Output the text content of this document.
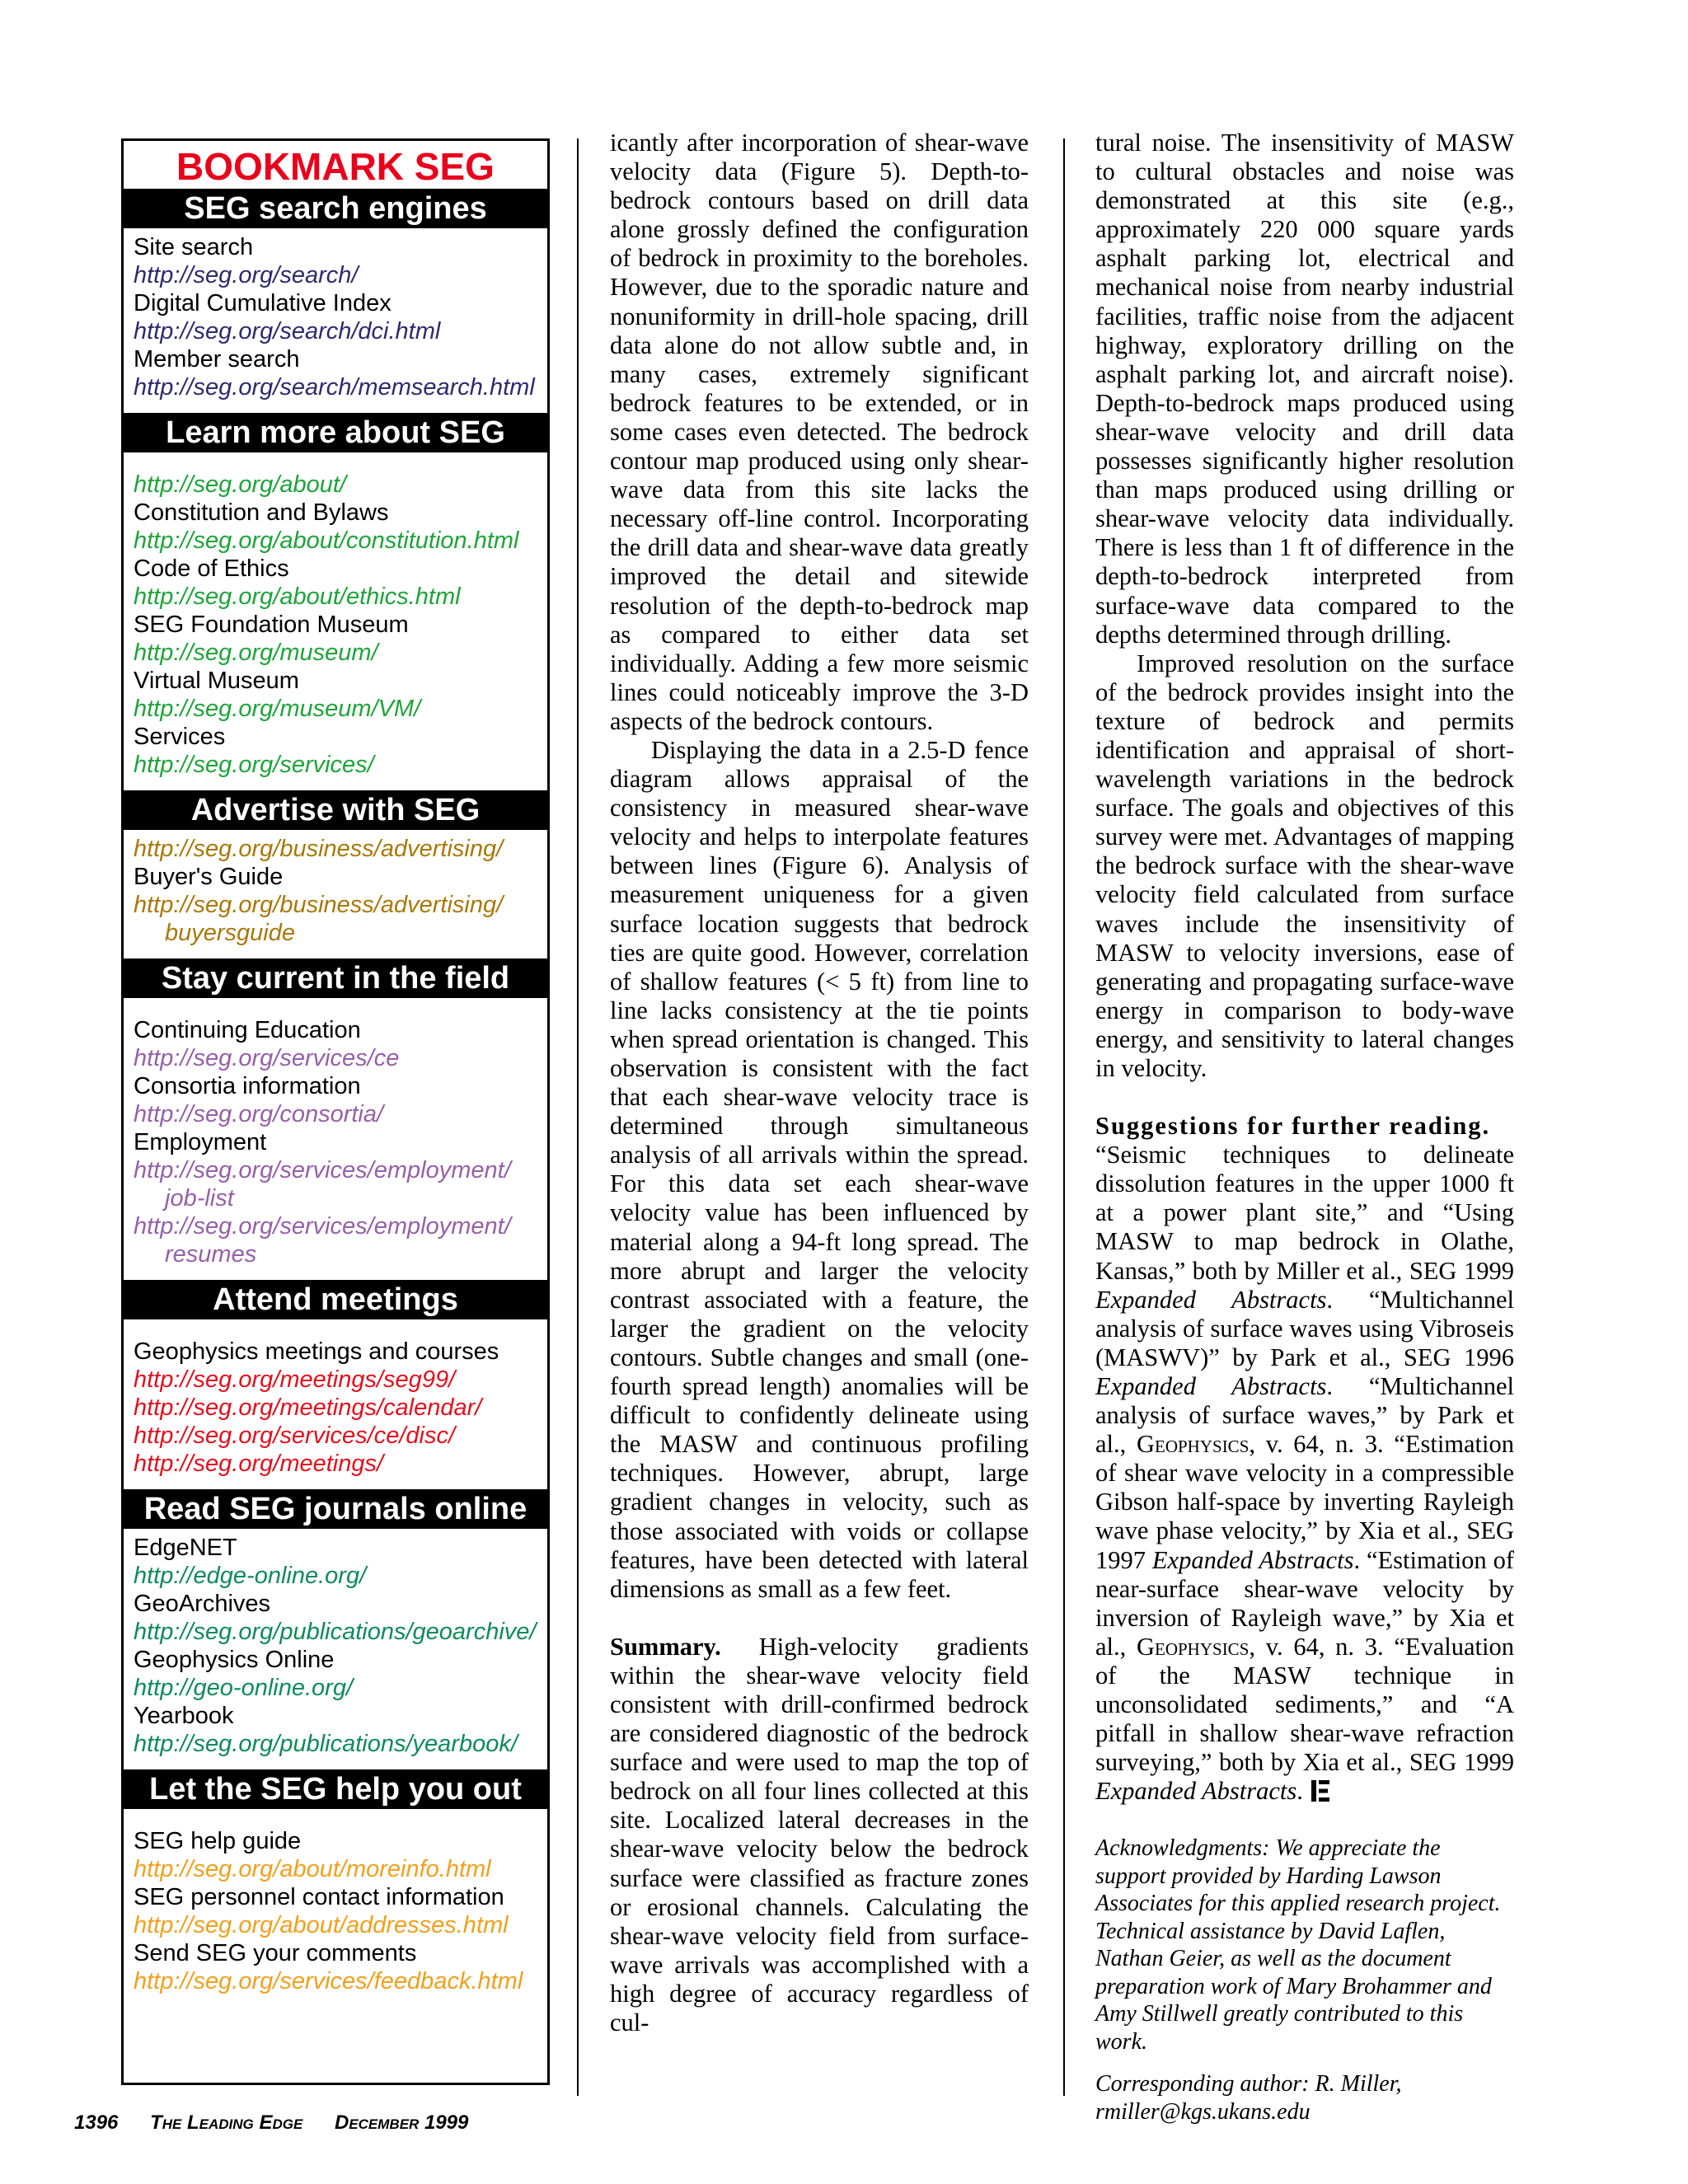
BOOKMARK SEG
SEG search engines
Site search
http://seg.org/search/
Digital Cumulative Index
http://seg.org/search/dci.html
Member search
http://seg.org/search/memsearch.html
Learn more about SEG
http://seg.org/about/
Constitution and Bylaws
http://seg.org/about/constitution.html
Code of Ethics
http://seg.org/about/ethics.html
SEG Foundation Museum
http://seg.org/museum/
Virtual Museum
http://seg.org/museum/VM/
Services
http://seg.org/services/
Advertise with SEG
http://seg.org/business/advertising/
Buyer's Guide
http://seg.org/business/advertising/
buyersguide
Stay current in the field
Continuing Education
http://seg.org/services/ce
Consortia information
http://seg.org/consortia/
Employment
http://seg.org/services/employment/
job-list
http://seg.org/services/employment/
resumes
Attend meetings
Geophysics meetings and courses
http://seg.org/meetings/seg99/
http://seg.org/meetings/calendar/
http://seg.org/services/ce/disc/
http://seg.org/meetings/
Read SEG journals online
EdgeNET
http://edge-online.org/
GeoArchives
http://seg.org/publications/geoarchive/
Geophysics Online
http://geo-online.org/
Yearbook
http://seg.org/publications/yearbook/
Let the SEG help you out
SEG help guide
http://seg.org/about/moreinfo.html
SEG personnel contact information
http://seg.org/about/addresses.html
Send SEG your comments
http://seg.org/services/feedback.html

icantly after incorporation of shear-wave velocity data (Figure 5). Depth-to-bedrock contours based on drill data alone grossly defined the configuration of bedrock in proximity to the boreholes. However, due to the sporadic nature and nonuniformity in drill-hole spacing, drill data alone do not allow subtle and, in many cases, extremely significant bedrock features to be extended, or in some cases even detected. The bedrock contour map produced using only shear-wave data from this site lacks the necessary off-line control. Incorporating the drill data and shear-wave data greatly improved the detail and sitewide resolution of the depth-to-bedrock map as compared to either data set individually. Adding a few more seismic lines could noticeably improve the 3-D aspects of the bedrock contours.

Displaying the data in a 2.5-D fence diagram allows appraisal of the consistency in measured shear-wave velocity and helps to interpolate features between lines (Figure 6). Analysis of measurement uniqueness for a given surface location suggests that bedrock ties are quite good. However, correlation of shallow features (< 5 ft) from line to line lacks consistency at the tie points when spread orientation is changed. This observation is consistent with the fact that each shear-wave velocity trace is determined through simultaneous analysis of all arrivals within the spread. For this data set each shear-wave velocity value has been influenced by material along a 94-ft long spread. The more abrupt and larger the velocity contrast associated with a feature, the larger the gradient on the velocity contours. Subtle changes and small (one-fourth spread length) anomalies will be difficult to confidently delineate using the MASW and continuous profiling techniques. However, abrupt, large gradient changes in velocity, such as those associated with voids or collapse features, have been detected with lateral dimensions as small as a few feet.

Summary. High-velocity gradients within the shear-wave velocity field consistent with drill-confirmed bedrock are considered diagnostic of the bedrock surface and were used to map the top of bedrock on all four lines collected at this site. Localized lateral decreases in the shear-wave velocity below the bedrock surface were classified as fracture zones or erosional channels. Calculating the shear-wave velocity field from surface-wave arrivals was accomplished with a high degree of accuracy regardless of cul-

tural noise. The insensitivity of MASW to cultural obstacles and noise was demonstrated at this site (e.g., approximately 220 000 square yards asphalt parking lot, electrical and mechanical noise from nearby industrial facilities, traffic noise from the adjacent highway, exploratory drilling on the asphalt parking lot, and aircraft noise). Depth-to-bedrock maps produced using shear-wave velocity and drill data possesses significantly higher resolution than maps produced using drilling or shear-wave velocity data individually. There is less than 1 ft of difference in the depth-to-bedrock interpreted from surface-wave data compared to the depths determined through drilling.

Improved resolution on the surface of the bedrock provides insight into the texture of bedrock and permits identification and appraisal of short-wavelength variations in the bedrock surface. The goals and objectives of this survey were met. Advantages of mapping the bedrock surface with the shear-wave velocity field calculated from surface waves include the insensitivity of MASW to velocity inversions, ease of generating and propagating surface-wave energy in comparison to body-wave energy, and sensitivity to lateral changes in velocity.

Suggestions for further reading.
“Seismic techniques to delineate dissolution features in the upper 1000 ft at a power plant site,” and “Using MASW to map bedrock in Olathe, Kansas,” both by Miller et al., SEG 1999 Expanded Abstracts. “Multichannel analysis of surface waves using Vibroseis (MASWV)” by Park et al., SEG 1996 Expanded Abstracts. “Multichannel analysis of surface waves,” by Park et al., Geophysics, v. 64, n. 3. “Estimation of shear wave velocity in a compressible Gibson half-space by inverting Rayleigh wave phase velocity,” by Xia et al., SEG 1997 Expanded Abstracts. “Estimation of near-surface shear-wave velocity by inversion of Rayleigh wave,” by Xia et al., Geophysics, v. 64, n. 3. “Evaluation of the MASW technique in unconsolidated sediments,” and “A pitfall in shallow shear-wave refraction surveying,” both by Xia et al., SEG 1999 Expanded Abstracts.

Acknowledgments: We appreciate the support provided by Harding Lawson Associates for this applied research project. Technical assistance by David Laflen, Nathan Geier, as well as the document preparation work of Mary Brohammer and Amy Stillwell greatly contributed to this work.

Corresponding author: R. Miller,
rmiller@kgs.ukans.edu

1396 The Leading Edge December 1999
